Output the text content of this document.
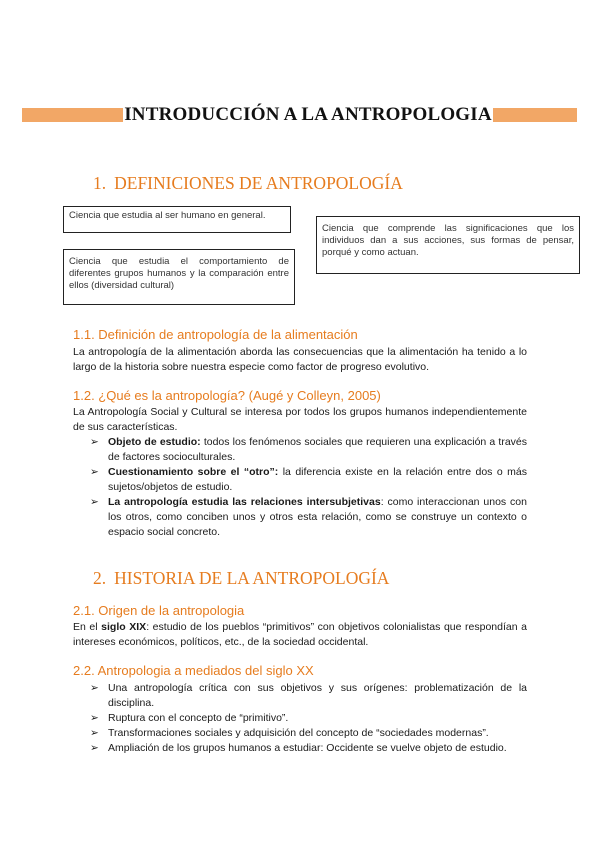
INTRODUCCIÓN A LA ANTROPOLOGIA
1. DEFINICIONES DE ANTROPOLOGÍA
Ciencia que estudia al ser humano en general.
Ciencia que estudia el comportamiento de diferentes grupos humanos y la comparación entre ellos (diversidad cultural)
Ciencia que comprende las significaciones que los individuos dan a sus acciones, sus formas de pensar, porqué y como actuan.
1.1. Definición de antropología de la alimentación
La antropología de la alimentación aborda las consecuencias que la alimentación ha tenido a lo largo de la historia sobre nuestra especie como factor de progreso evolutivo.
1.2. ¿Qué es la antropología? (Augé y Colleyn, 2005)
La Antropología Social y Cultural se interesa por todos los grupos humanos independientemente de sus características.
➢ Objeto de estudio: todos los fenómenos sociales que requieren una explicación a través de factores socioculturales.
➢ Cuestionamiento sobre el “otro”: la diferencia existe en la relación entre dos o más sujetos/objetos de estudio.
➢ La antropología estudia las relaciones intersubjetivas: como interaccionan unos con los otros, como conciben unos y otros esta relación, como se construye un contexto o espacio social concreto.
2. HISTORIA DE LA ANTROPOLOGÍA
2.1. Origen de la antropologia
En el siglo XIX: estudio de los pueblos “primitivos” con objetivos colonialistas que respondían a intereses económicos, políticos, etc., de la sociedad occidental.
2.2. Antropologia a mediados del siglo XX
➢ Una antropología crítica con sus objetivos y sus orígenes: problematización de la disciplina.
➢ Ruptura con el concepto de “primitivo”.
➢ Transformaciones sociales y adquisición del concepto de “sociedades modernas”.
➢ Ampliación de los grupos humanos a estudiar: Occidente se vuelve objeto de estudio.
